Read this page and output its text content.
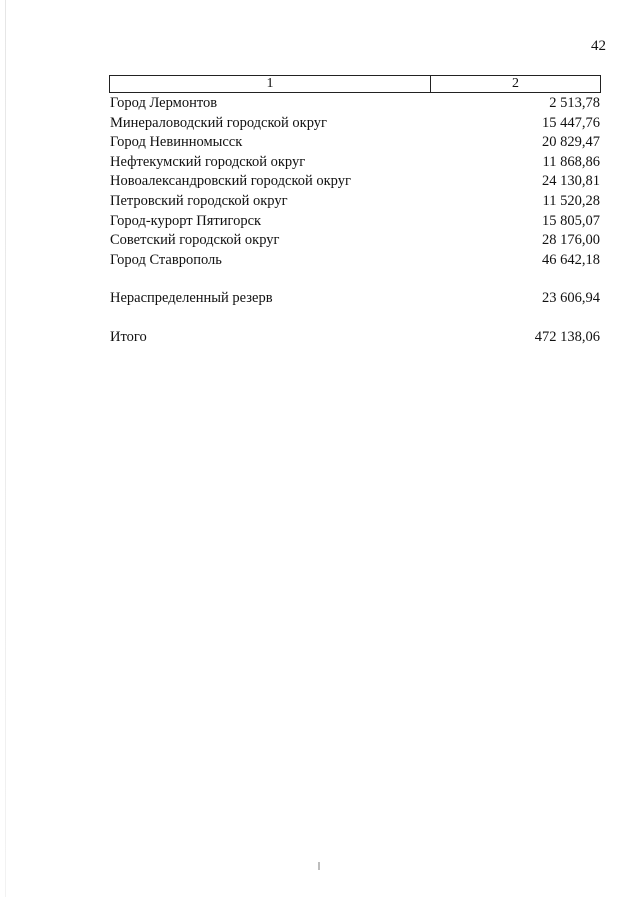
42
1	2
Город Лермонтов	2 513,78
Минераловодский городской округ	15 447,76
Город Невинномысск	20 829,47
Нефтекумский городской округ	11 868,86
Новоалександровский городской округ	24 130,81
Петровский городской округ	11 520,28
Город-курорт Пятигорск	15 805,07
Советский городской округ	28 176,00
Город Ставрополь	46 642,18
Нераспределенный резерв	23 606,94
Итого	472 138,06
